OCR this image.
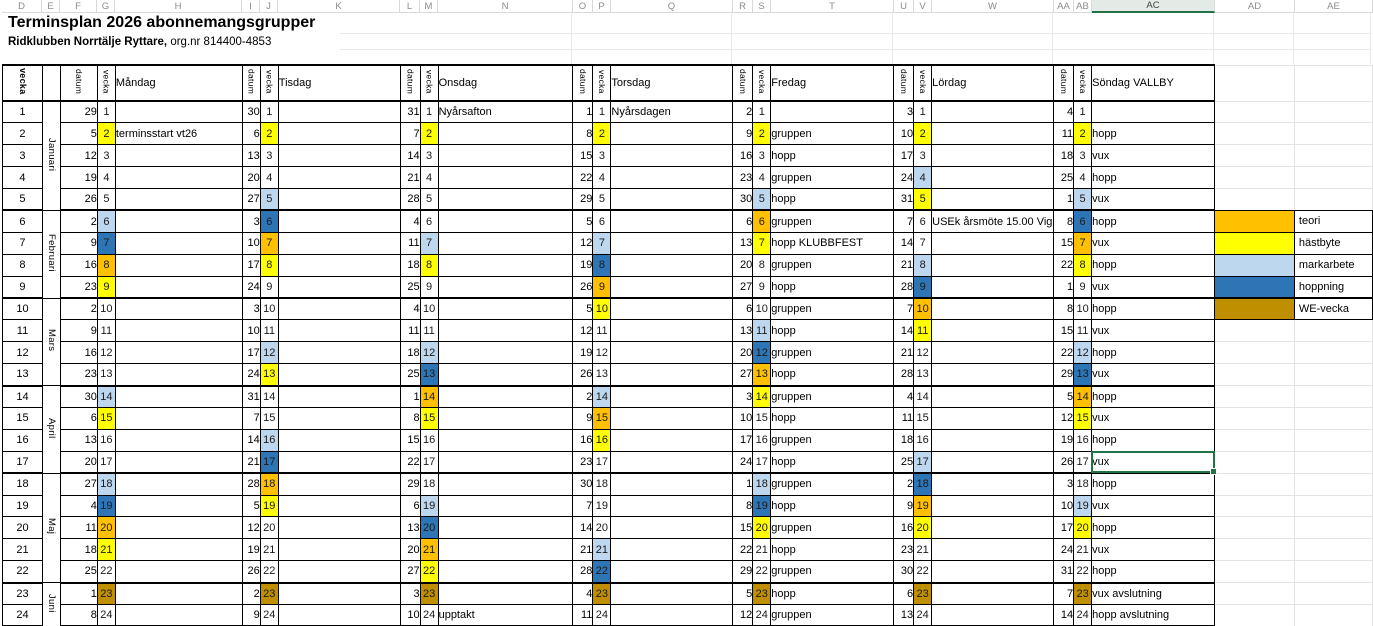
D	E	F	G	H	I	J	K	L	M	N	O	P	Q	R	S	T	U	V	W	AA AB	AC	AD	AE
Terminsplan 2026 abonnemangsgrupper
Ridklubben Norrtälje Ryttare, org.nr 814400-4853
vecka		datum	vecka	Måndag	datum	vecka	Tisdag	datum	vecka	Onsdag	datum	vecka	Torsdag	datum	vecka	Fredag	datum	vecka	Lördag	datum	vecka	Söndag VALLBY		
1	Januari	29	1		30	1		31	1	Nyårsafton	1	1	Nyårsdagen	2	1		3	1		4	1			
2		5	2	terminsstart vt26	6	2		7	2		8	2		9	2	gruppen	10	2		11	2	hopp		
3		12	3		13	3		14	3		15	3		16	3	hopp	17	3		18	3	vux		
4		19	4		20	4		21	4		22	4		23	4	gruppen	24	4		25	4	hopp		
5		26	5		27	5		28	5		29	5		30	5	hopp	31	5		1	5	vux		
6	Februari	2	6		3	6		4	6		5	6		6	6	gruppen	7	6	USEk årsmöte 15.00 Vig	8	6	hopp		teori
7		9	7		10	7		11	7		12	7		13	7	hopp KLUBBFEST	14	7		15	7	vux		hästbyte
8		16	8		17	8		18	8		19	8		20	8	gruppen	21	8		22	8	hopp		markarbete
9		23	9		24	9		25	9		26	9		27	9	hopp	28	9		1	9	vux		hoppning
10	Mars	2	10		3	10		4	10		5	10		6	10	gruppen	7	10		8	10	hopp		WE-vecka
11		9	11		10	11		11	11		12	11		13	11	hopp	14	11		15	11	vux		
12		16	12		17	12		18	12		19	12		20	12	gruppen	21	12		22	12	hopp		
13		23	13		24	13		25	13		26	13		27	13	hopp	28	13		29	13	vux		
14	April	30	14		31	14		1	14		2	14		3	14	gruppen	4	14		5	14	hopp		
15		6	15		7	15		8	15		9	15		10	15	hopp	11	15		12	15	vux		
16		13	16		14	16		15	16		16	16		17	16	gruppen	18	16		19	16	hopp		
17		20	17		21	17		22	17		23	17		24	17	hopp	25	17		26	17	vux		
18	Maj	27	18		28	18		29	18		30	18		1	18	gruppen	2	18		3	18	hopp		
19		4	19		5	19		6	19		7	19		8	19	hopp	9	19		10	19	vux		
20		11	20		12	20		13	20		14	20		15	20	gruppen	16	20		17	20	hopp		
21		18	21		19	21		20	21		21	21		22	21	hopp	23	21		24	21	vux		
22		25	22		26	22		27	22		28	22		29	22	gruppen	30	22		31	22	hopp		
23	Juni	1	23		2	23		3	23		4	23		5	23	hopp	6	23		7	23	vux avslutning		
24		8	24		9	24		10	24	upptakt	11	24		12	24	gruppen	13	24		14	24	hopp avslutning		
